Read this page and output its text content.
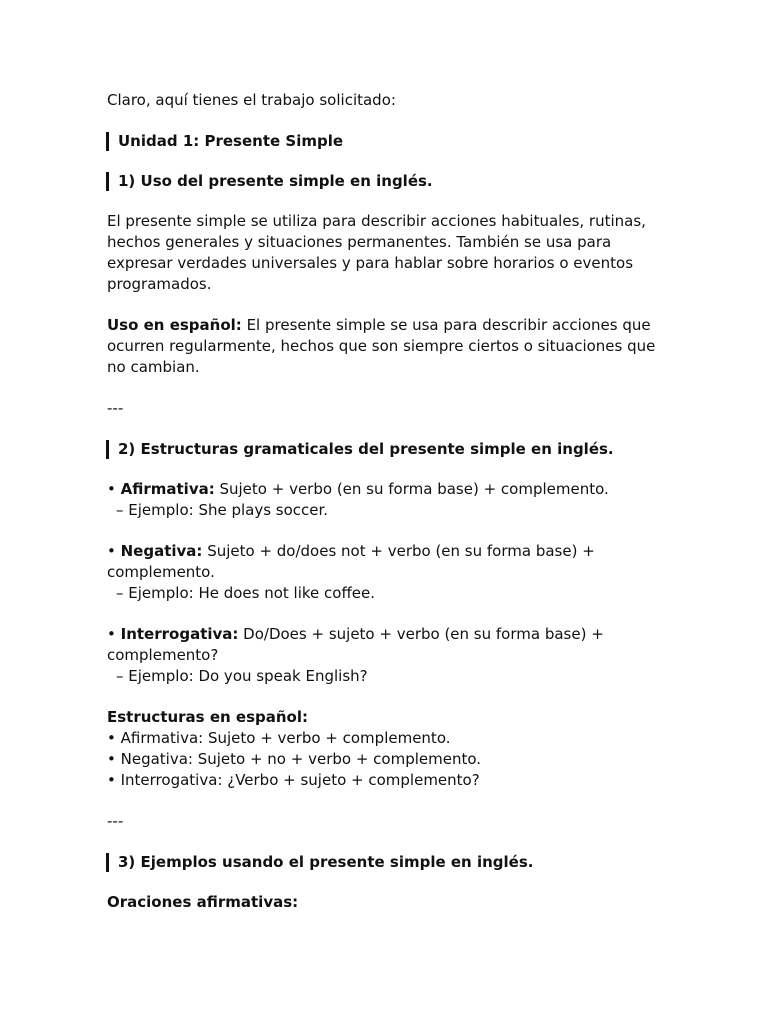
Claro, aquí tienes el trabajo solicitado:

Unidad 1: Presente Simple

1) Uso del presente simple en inglés.

El presente simple se utiliza para describir acciones habituales, rutinas, hechos generales y situaciones permanentes. También se usa para expresar verdades universales y para hablar sobre horarios o eventos programados.

Uso en español: El presente simple se usa para describir acciones que ocurren regularmente, hechos que son siempre ciertos o situaciones que no cambian.

---

2) Estructuras gramaticales del presente simple en inglés.

• Afirmativa: Sujeto + verbo (en su forma base) + complemento.

– Ejemplo: She plays soccer.

• Negativa: Sujeto + do/does not + verbo (en su forma base) + complemento.

– Ejemplo: He does not like coffee.

• Interrogativa: Do/Does + sujeto + verbo (en su forma base) + complemento?

– Ejemplo: Do you speak English?

Estructuras en español:

• Afirmativa: Sujeto + verbo + complemento.

• Negativa: Sujeto + no + verbo + complemento.

• Interrogativa: ¿Verbo + sujeto + complemento?

---

3) Ejemplos usando el presente simple en inglés.

Oraciones afirmativas:
